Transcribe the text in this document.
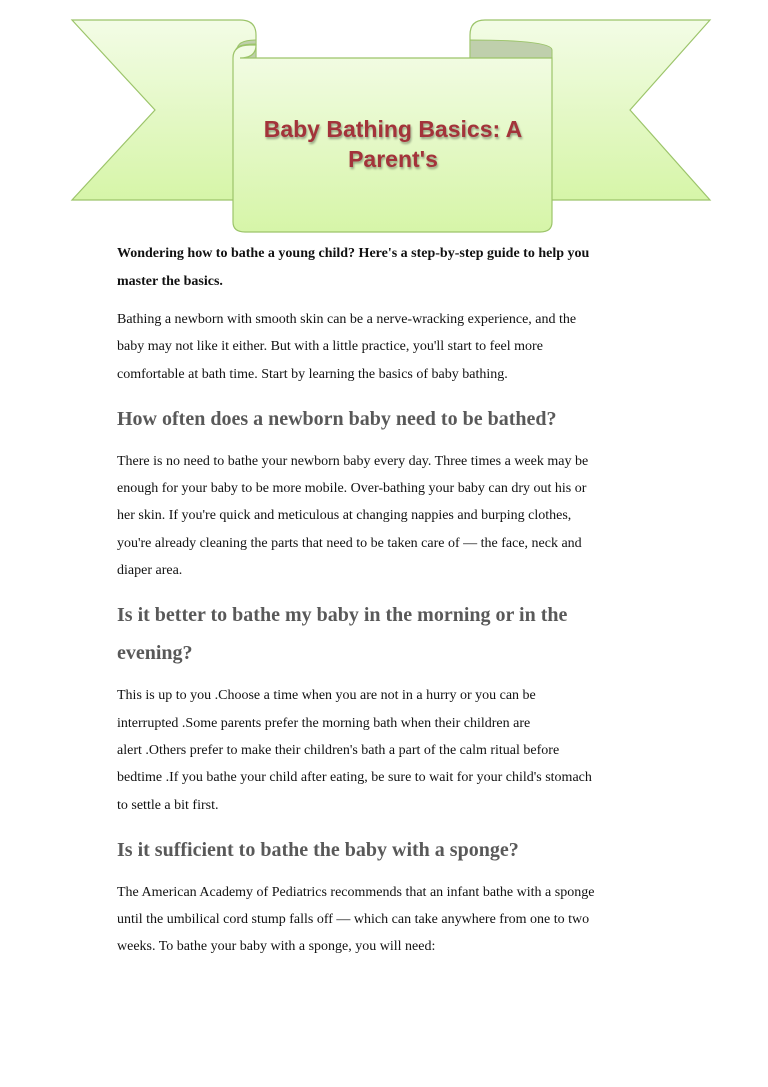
Baby Bathing Basics: A
Parent's
Wondering how to bathe a young child? Here's a step-by-step guide to help you
master the basics.
Bathing a newborn with smooth skin can be a nerve-wracking experience, and the
baby may not like it either. But with a little practice, you'll start to feel more
comfortable at bath time. Start by learning the basics of baby bathing.
How often does a newborn baby need to be bathed?
There is no need to bathe your newborn baby every day. Three times a week may be
enough for your baby to be more mobile. Over-bathing your baby can dry out his or
her skin. If you're quick and meticulous at changing nappies and burping clothes,
you're already cleaning the parts that need to be taken care of — the face, neck and
diaper area.
Is it better to bathe my baby in the morning or in the
evening?
This is up to you .Choose a time when you are not in a hurry or you can be
interrupted .Some parents prefer the morning bath when their children are
alert .Others prefer to make their children's bath a part of the calm ritual before
bedtime .If you bathe your child after eating, be sure to wait for your child's stomach
to settle a bit first.
Is it sufficient to bathe the baby with a sponge?
The American Academy of Pediatrics recommends that an infant bathe with a sponge
until the umbilical cord stump falls off — which can take anywhere from one to two
weeks. To bathe your baby with a sponge, you will need:
